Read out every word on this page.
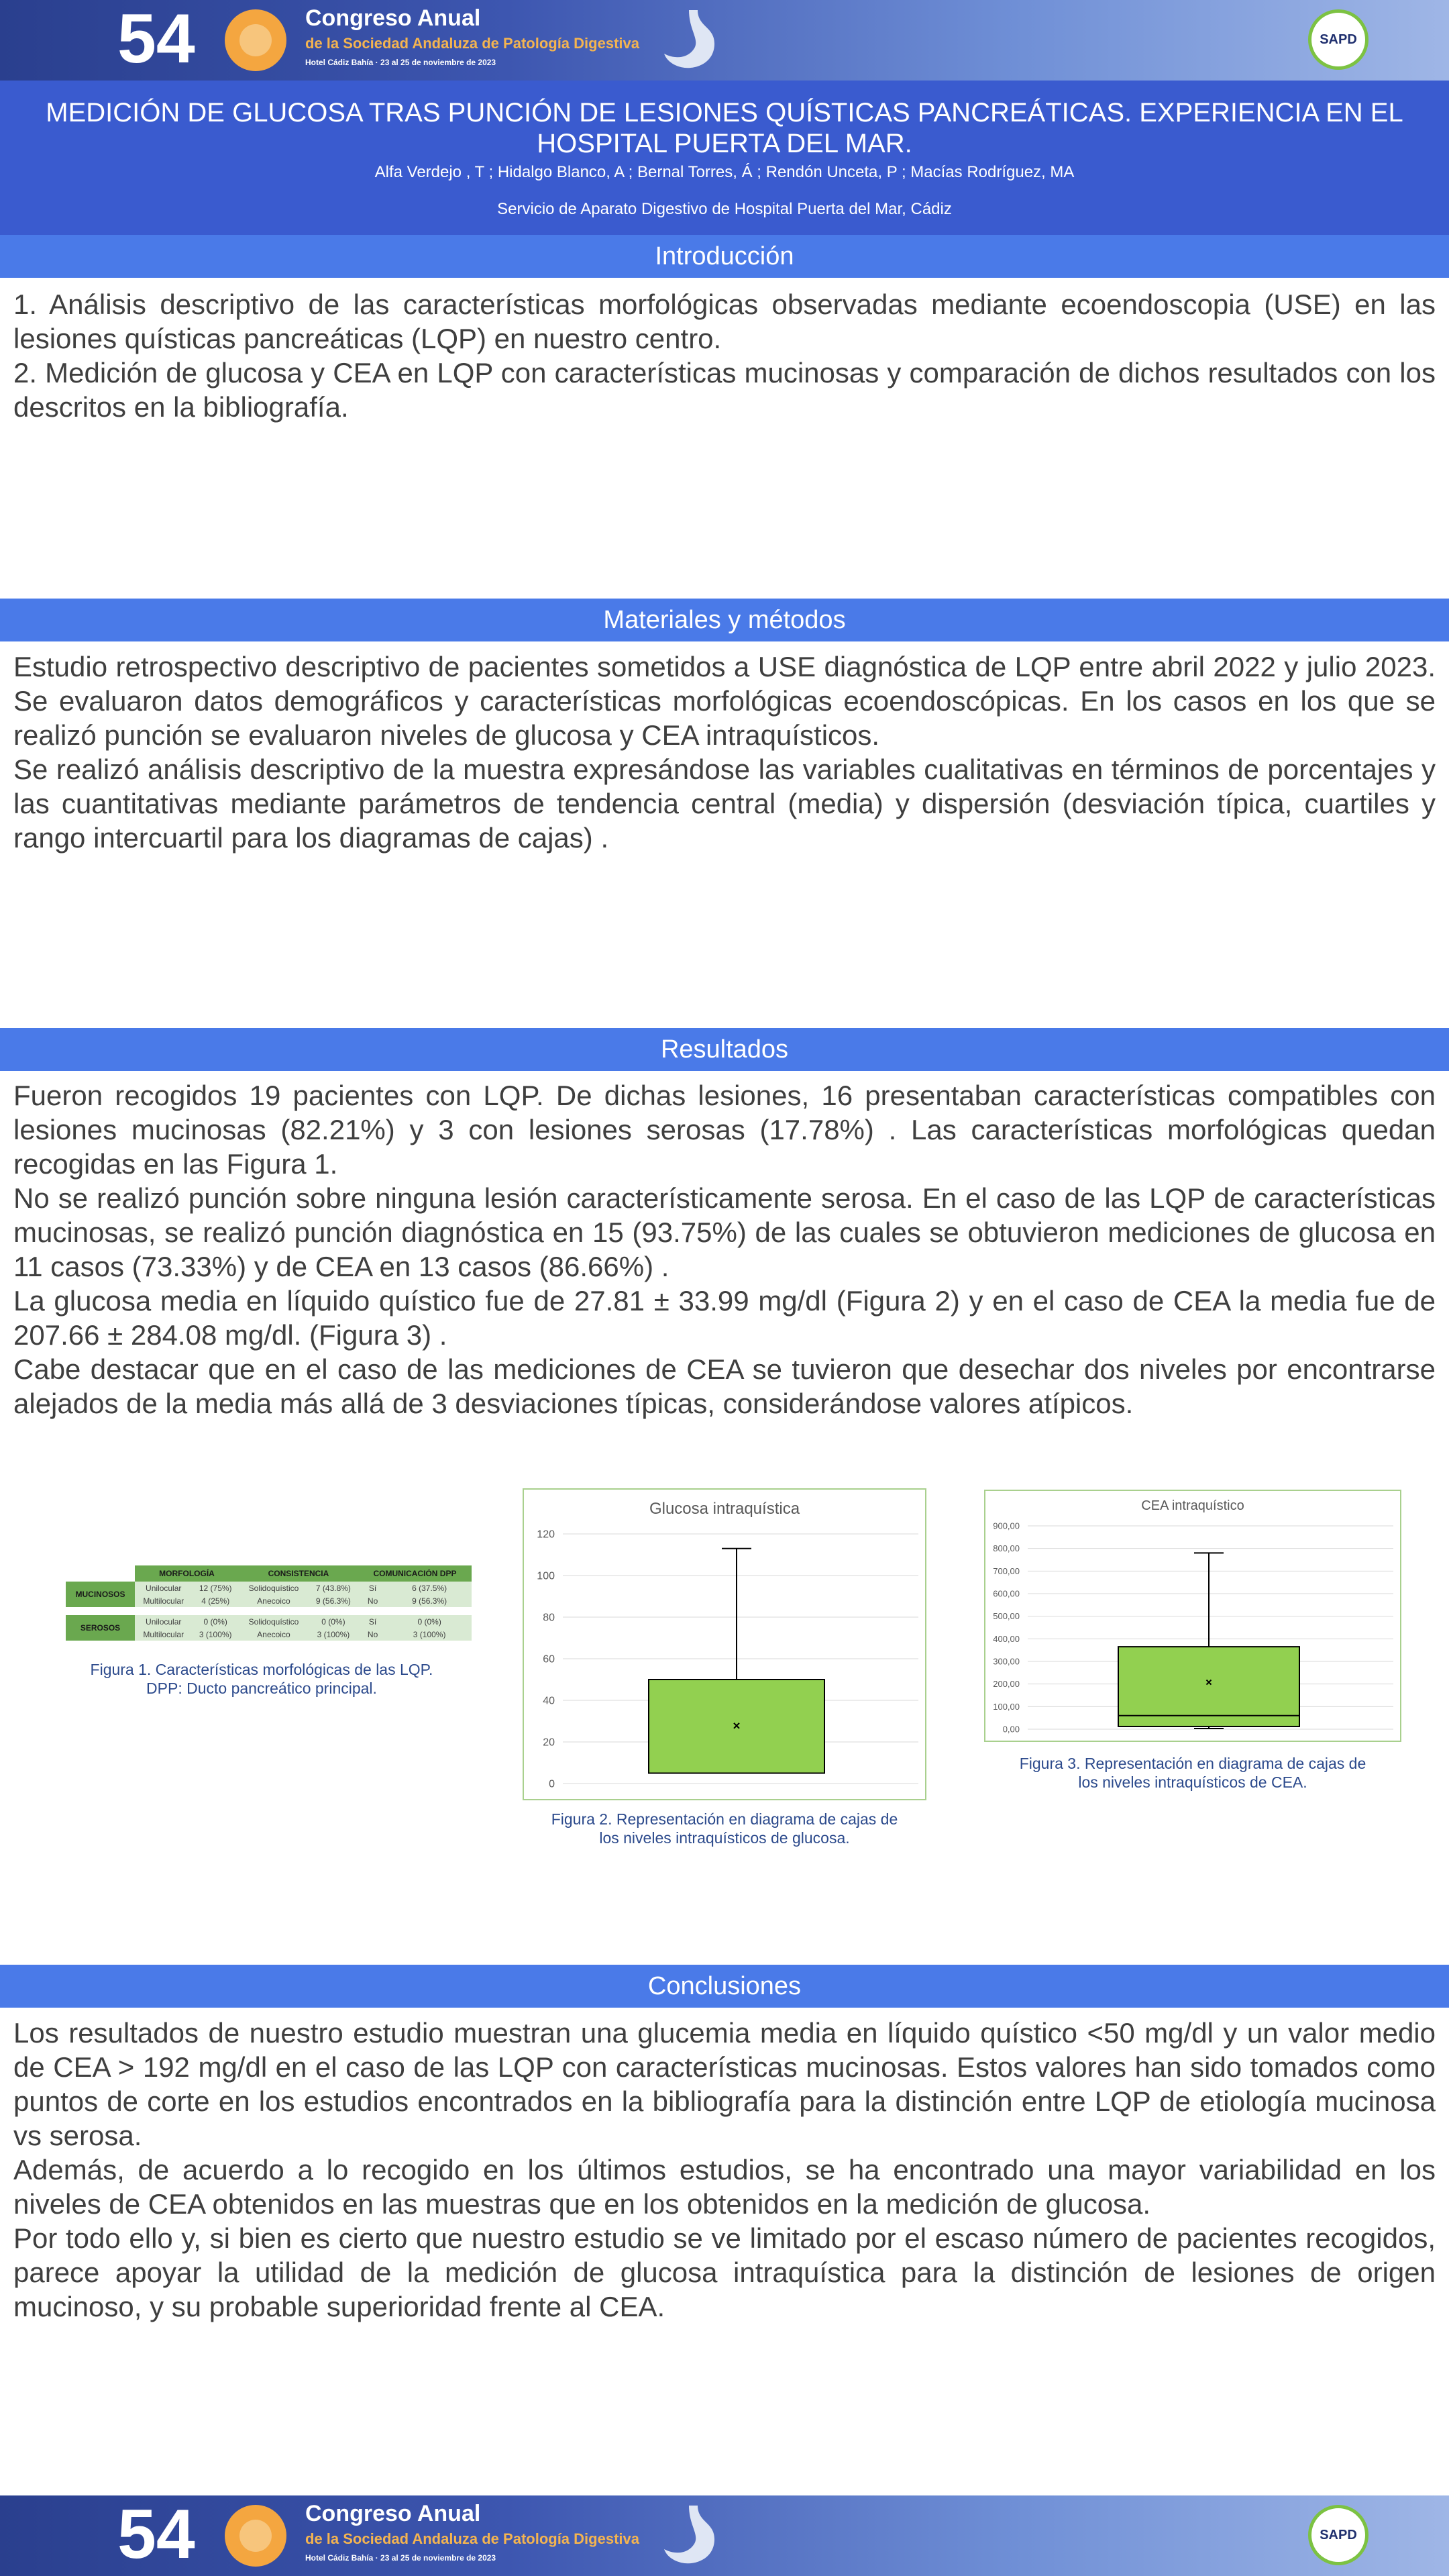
54	Congreso Anual
de la Sociedad Andaluza de Patología Digestiva
Hotel Cádiz Bahía · 23 al 25 de noviembre de 2023
SAPD
MEDICIÓN DE GLUCOSA TRAS PUNCIÓN DE LESIONES QUÍSTICAS PANCREÁTICAS. EXPERIENCIA EN EL HOSPITAL PUERTA DEL MAR.
Alfa Verdejo , T ; Hidalgo Blanco, A ; Bernal Torres, Á ; Rendón Unceta, P ; Macías Rodríguez, MA
Servicio de Aparato Digestivo de Hospital Puerta del Mar, Cádiz
Introducción

1. Análisis descriptivo de las características morfológicas observadas mediante ecoendoscopia (USE) en las lesiones quísticas pancreáticas (LQP) en nuestro centro.

2. Medición de glucosa y CEA en LQP con características mucinosas y comparación de dichos resultados con los descritos en la bibliografía.

Materiales y métodos

Estudio retrospectivo descriptivo de pacientes sometidos a USE diagnóstica de LQP entre abril 2022 y julio 2023. Se evaluaron datos demográficos y características morfológicas ecoendoscópicas. En los casos en los que se realizó punción se evaluaron niveles de glucosa y CEA intraquísticos.

Se realizó análisis descriptivo de la muestra expresándose las variables cualitativas en términos de porcentajes y las cuantitativas mediante parámetros de tendencia central (media) y dispersión (desviación típica, cuartiles y rango intercuartil para los diagramas de cajas) .

Resultados

Fueron recogidos 19 pacientes con LQP. De dichas lesiones, 16 presentaban características compatibles con lesiones mucinosas (82.21%) y 3 con lesiones serosas (17.78%) . Las características morfológicas quedan recogidas en las Figura 1.

No se realizó punción sobre ninguna lesión característicamente serosa. En el caso de las LQP de características mucinosas, se realizó punción diagnóstica en 15 (93.75%) de las cuales se obtuvieron mediciones de glucosa en 11 casos (73.33%) y de CEA en 13 casos (86.66%) .

La glucosa media en líquido quístico fue de 27.81 ± 33.99 mg/dl (Figura 2) y en el caso de CEA la media fue de 207.66 ± 284.08 mg/dl. (Figura 3) .

Cabe destacar que en el caso de las mediciones de CEA se tuvieron que desechar dos niveles por encontrarse alejados de la media más allá de 3 desviaciones típicas, considerándose valores atípicos.

	MORFOLOGÍA		CONSISTENCIA		COMUNICACIÓN DPP	
MUCINOSOS	Unilocular	12 (75%)	Solidoquístico	7 (43.8%)	Sí	6 (37.5%)
	Multilocular	4 (25%)	Anecoico	9 (56.3%)	No	9 (56.3%)

SEROSOS	Unilocular	0 (0%)	Solidoquístico	0 (0%)	Sí	0 (0%)
	Multilocular	3 (100%)	Anecoico	3 (100%)	No	3 (100%)
Figura 1. Características morfológicas de las LQP.
DPP: Ducto pancreático principal.
Glucosa intraquística
0
20
40
60
80
100
120
Figura 2. Representación en diagrama de cajas de
los niveles intraquísticos de glucosa.
CEA intraquístico
0,00
100,00
200,00
300,00
400,00
500,00
600,00
700,00
800,00
900,00
Figura 3. Representación en diagrama de cajas de
los niveles intraquísticos de CEA.
Conclusiones

Los resultados de nuestro estudio muestran una glucemia media en líquido quístico <50 mg/dl y un valor medio de CEA > 192 mg/dl en el caso de las LQP con características mucinosas. Estos valores han sido tomados como puntos de corte en los estudios encontrados en la bibliografía para la distinción entre LQP de etiología mucinosa vs serosa.

Además, de acuerdo a lo recogido en los últimos estudios, se ha encontrado una mayor variabilidad en los niveles de CEA obtenidos en las muestras que en los obtenidos en la medición de glucosa.

Por todo ello y, si bien es cierto que nuestro estudio se ve limitado por el escaso número de pacientes recogidos, parece apoyar la utilidad de la medición de glucosa intraquística para la distinción de lesiones de origen mucinoso, y su probable superioridad frente al CEA.

54	Congreso Anual
de la Sociedad Andaluza de Patología Digestiva
Hotel Cádiz Bahía · 23 al 25 de noviembre de 2023
SAPD
